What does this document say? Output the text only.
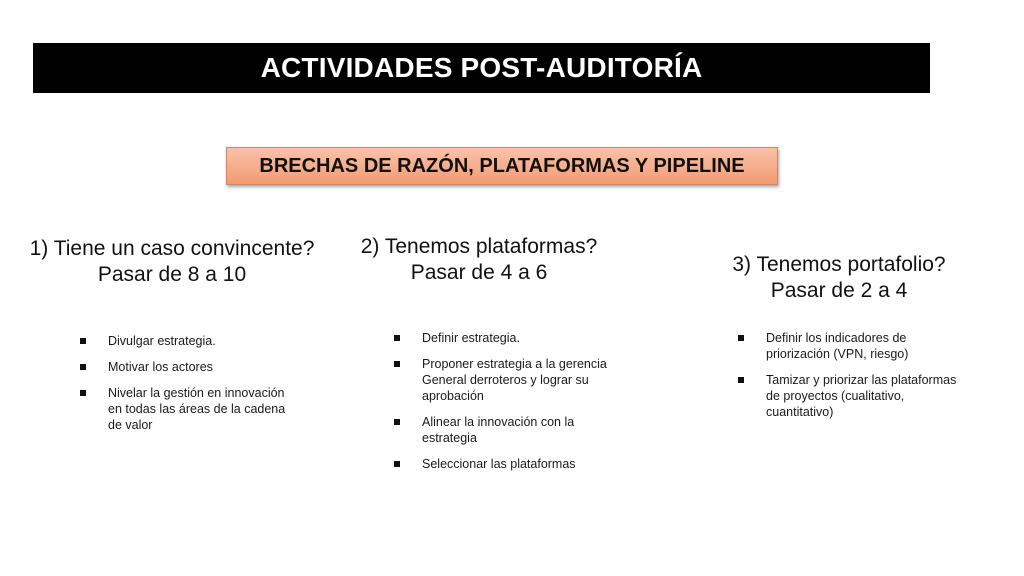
ACTIVIDADES POST-AUDITORÍA
BRECHAS DE RAZÓN, PLATAFORMAS Y PIPELINE
1) Tiene un caso convincente?
Pasar de 8 a 10
Divulgar estrategia.
Motivar los actores
Nivelar la gestión en innovación en todas las áreas de la cadena de valor
2) Tenemos plataformas?
Pasar de 4 a 6
Definir estrategia.
Proponer estrategia a la gerencia General derroteros y lograr su aprobación
Alinear la innovación con la estrategia
Seleccionar las plataformas
3) Tenemos portafolio?
Pasar de 2 a 4
Definir los indicadores de priorización (VPN, riesgo)
Tamizar y priorizar las plataformas de proyectos (cualitativo, cuantitativo)
